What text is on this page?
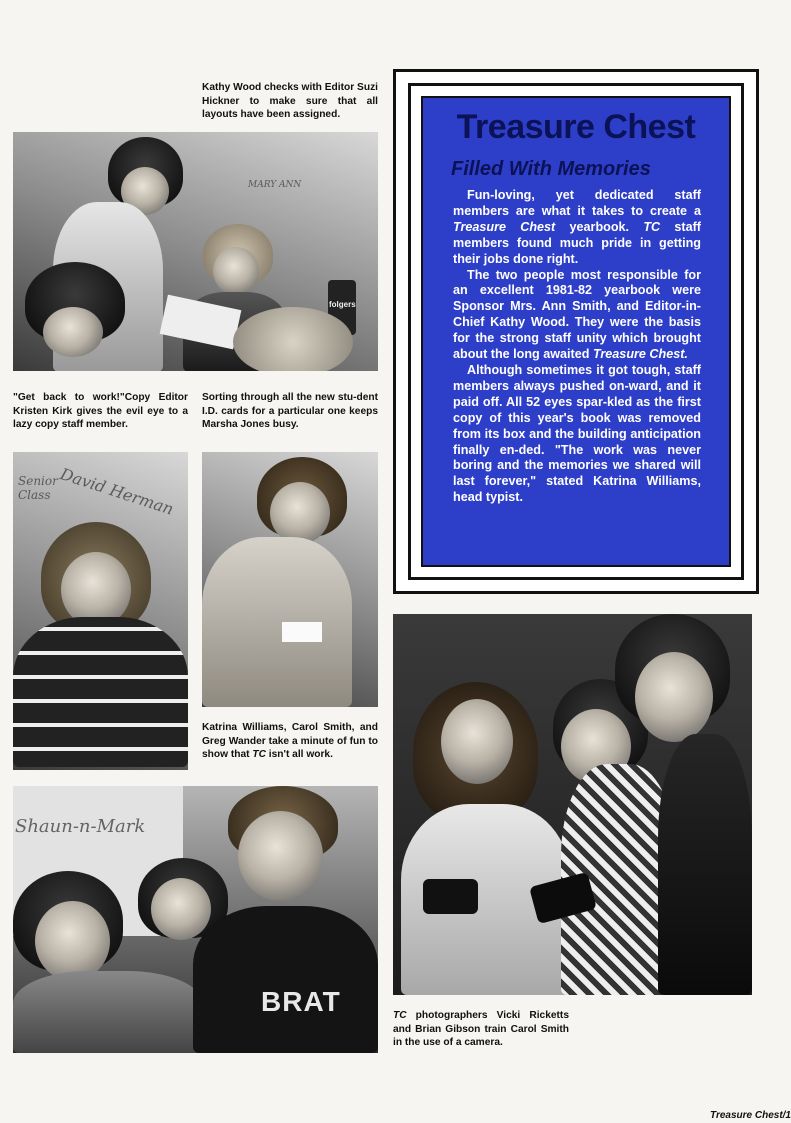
Kathy Wood checks with Editor Suzi Hickner to make sure that all layouts have been assigned.
MARY ANN
folgers
"Get back to work!"Copy Editor Kristen Kirk gives the evil eye to a lazy copy staff member.
Sorting through all the new stu-dent I.D. cards for a particular one keeps Marsha Jones busy.
Senior Class David Herman
Katrina Williams, Carol Smith, and Greg Wander take a minute of fun to show that TC isn't all work.
Shaun-n-Mark
BRAT
Treasure Chest
Filled With Memories

Fun-loving, yet dedicated staff members are what it takes to create a Treasure Chest yearbook. TC staff members found much pride in getting their jobs done right.

The two people most responsible for an excellent 1981-82 yearbook were Sponsor Mrs. Ann Smith, and Editor-in-Chief Kathy Wood. They were the basis for the strong staff unity which brought about the long awaited Treasure Chest.

Although sometimes it got tough, staff members always pushed on-ward, and it paid off. All 52 eyes spar-kled as the first copy of this year's book was removed from its box and the building anticipation finally en-ded. "The work was never boring and the memories we shared will last forever," stated Katrina Williams, head typist.

TC photographers Vicki Ricketts and Brian Gibson train Carol Smith in the use of a camera.
Treasure Chest/1
